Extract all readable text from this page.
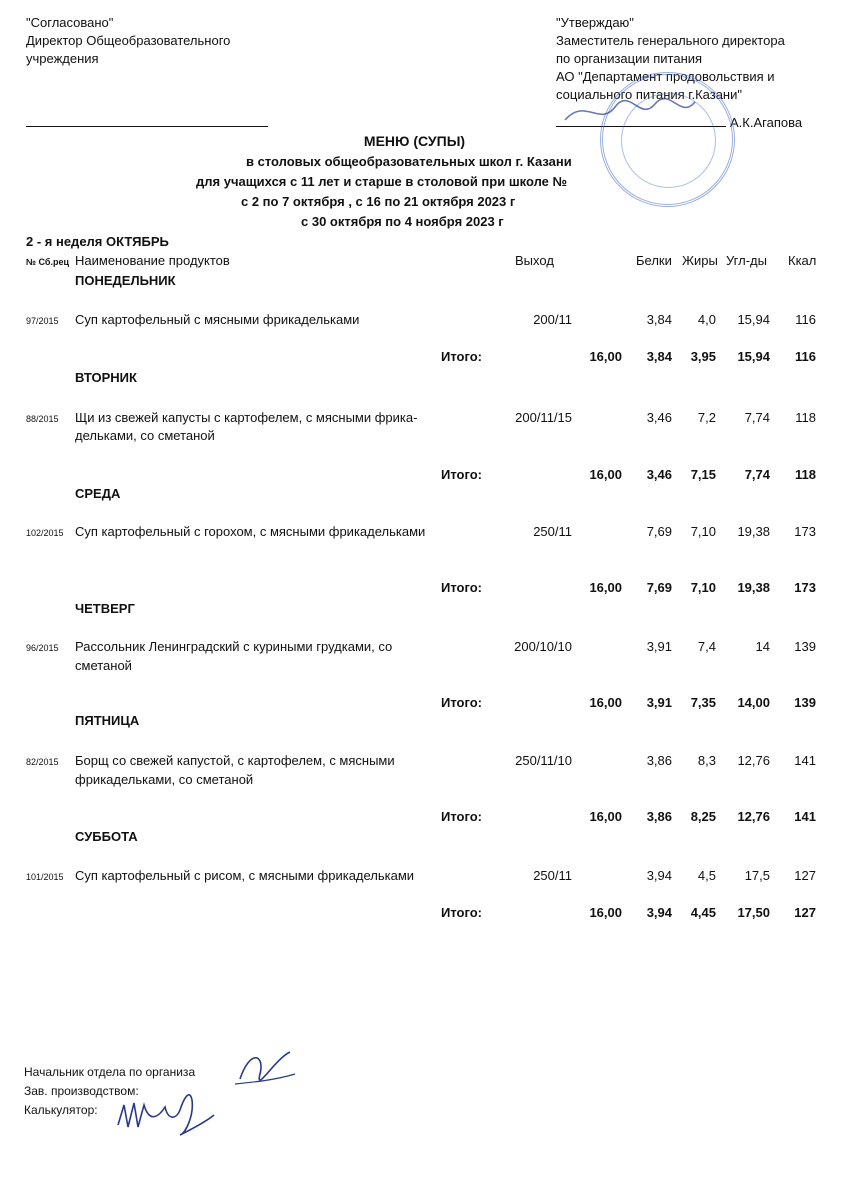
"Согласовано"
Директор Общеобразовательного
учреждения
"Утверждаю"
Заместитель генерального директора
по организации питания
АО "Департамент продовольствия и
социального питания г.Казани"
А.К.Агапова
МЕНЮ (СУПЫ)
в столовых общеобразовательных школ г. Казани
для учащихся с 11 лет и старше в столовой при школе №
с 2 по 7 октября , с 16 по 21 октября 2023 г
с 30 октября по 4 ноября 2023 г
2 - я неделя ОКТЯБРЬ
№ Сб.рец Наименование продуктов	Выход	Белки Жиры Угл-ды Ккал
ПОНЕДЕЛЬНИК
97/2015 Суп картофельный с мясными фрикадельками	200/11	3,84	4,0	15,94	116
Итого:	16,00	3,84	3,95	15,94	116
ВТОРНИК
88/2015 Щи из свежей капусты с картофелем, с мясными фрика-
дельками, со сметаной
200/11/15	3,46	7,2	7,74	118
Итого:	16,00	3,46	7,15	7,74	118
СРЕДА
102/2015 Суп картофельный с горохом, с мясными фрикадельками	250/11	7,69	7,10	19,38	173
Итого:	16,00	7,69	7,10	19,38	173
ЧЕТВЕРГ
96/2015 Рассольник Ленинградский с куриными грудками, со
сметаной
200/10/10	3,91	7,4	14	139
Итого:	16,00	3,91	7,35	14,00	139
ПЯТНИЦА
82/2015 Борщ со свежей капустой, с картофелем, с мясными
фрикадельками, со сметаной
250/11/10	3,86	8,3	12,76	141
Итого:	16,00	3,86	8,25	12,76	141
СУББОТА
101/2015 Суп картофельный с рисом, с мясными фрикадельками	250/11	3,94	4,5	17,5	127
Итого:	16,00	3,94	4,45	17,50	127
Начальник отдела по организа
Зав. производством:
Калькулятор:
